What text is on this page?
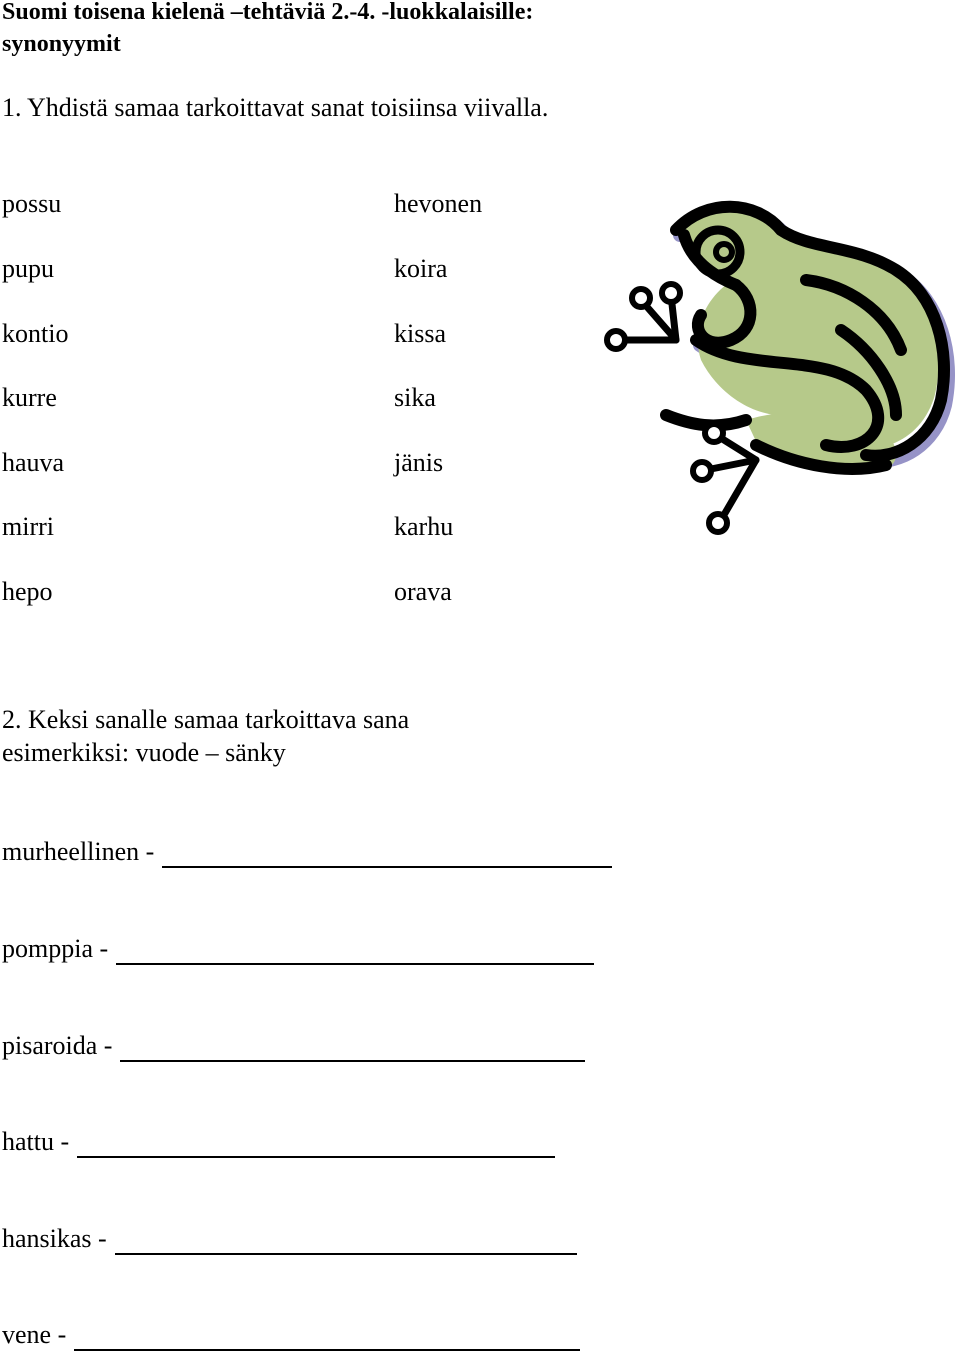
Suomi toisena kielenä –tehtäviä 2.-4. -luokkalaisille:
synonyymit
1. Yhdistä samaa tarkoittavat sanat toisiinsa viivalla.
possu
pupu
kontio
kurre
hauva
mirri
hepo
hevonen
koira
kissa
sika
jänis
karhu
orava
2. Keksi sanalle samaa tarkoittava sana
esimerkiksi: vuode – sänky
murheellinen -
pomppia -
pisaroida -
hattu -
hansikas -
vene -
